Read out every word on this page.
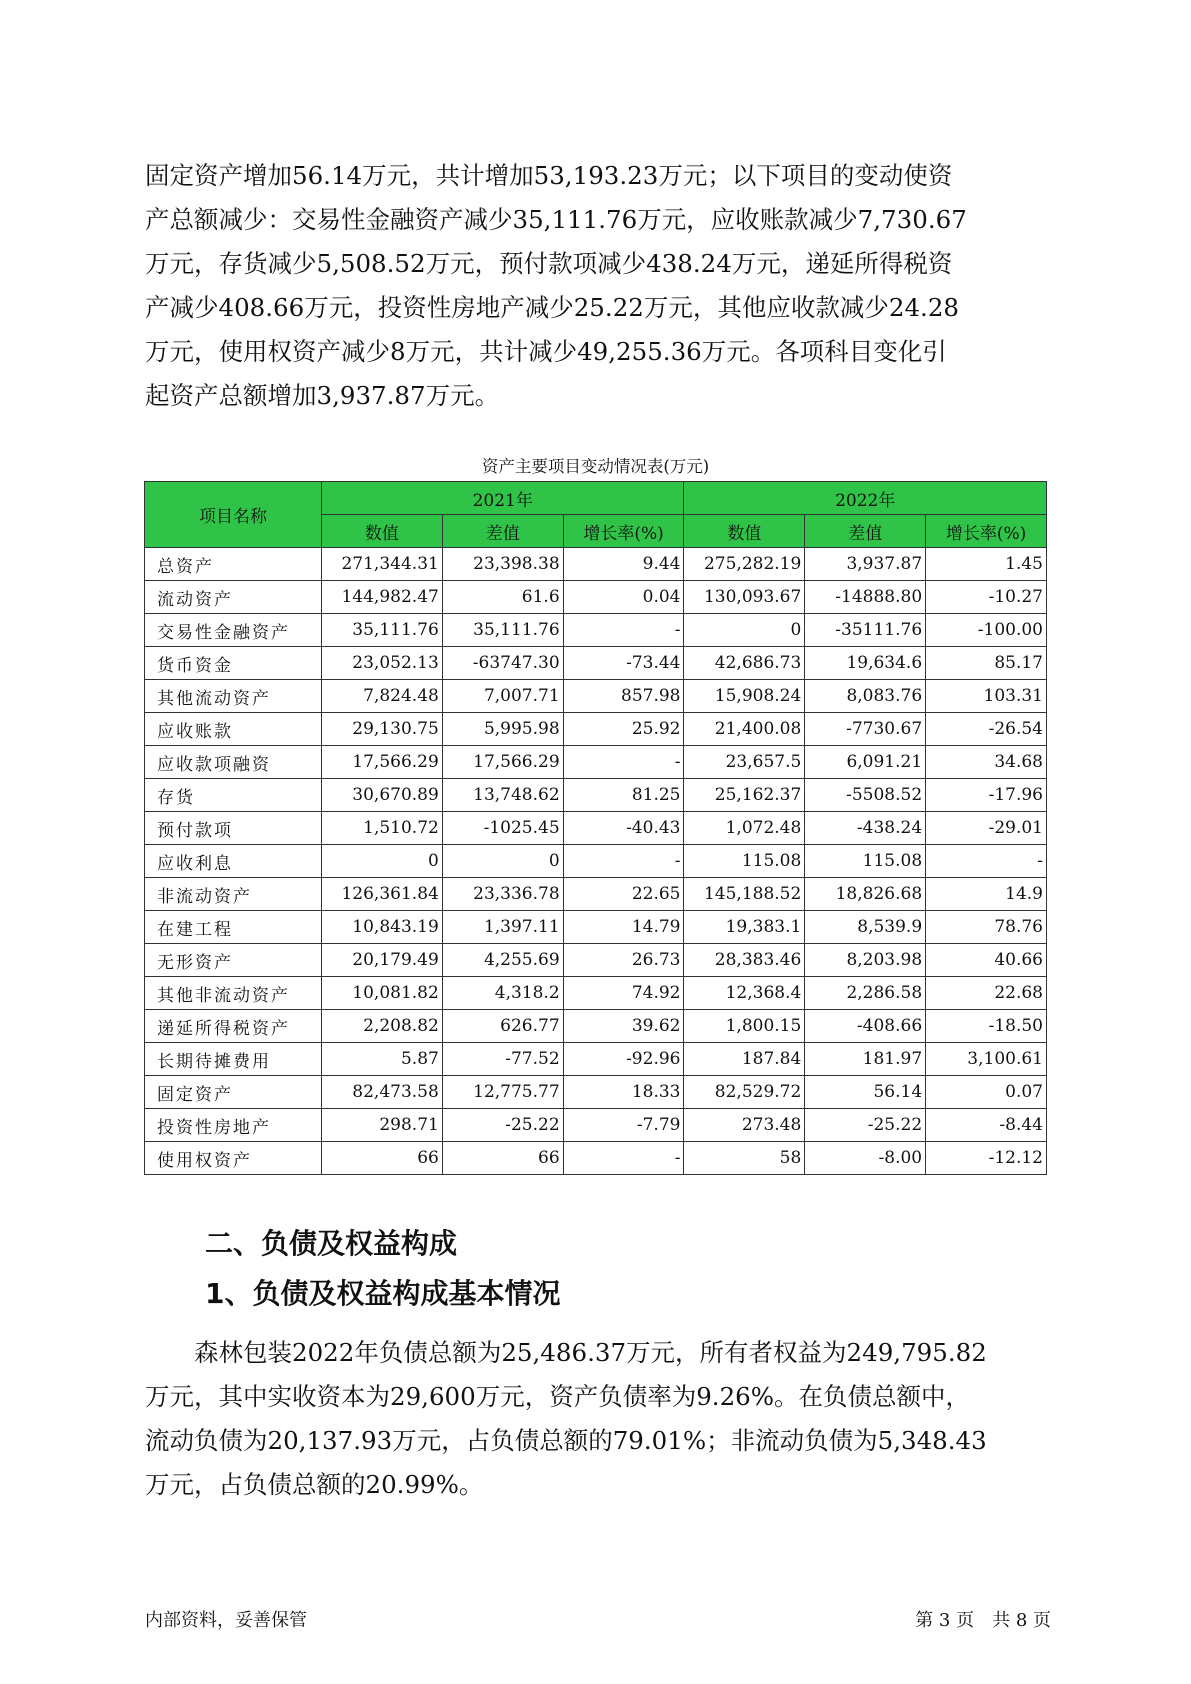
固定资产增加56.14万元，共计增加53,193.23万元；以下项目的变动使资
产总额减少：交易性金融资产减少35,111.76万元，应收账款减少7,730.67
万元，存货减少5,508.52万元，预付款项减少438.24万元，递延所得税资
产减少408.66万元，投资性房地产减少25.22万元，其他应收款减少24.28
万元，使用权资产减少8万元，共计减少49,255.36万元。各项科目变化引
起资产总额增加3,937.87万元。
资产主要项目变动情况表(万元)
项目名称	2021年			2022年		
	数值	差值	增长率(%)	数值	差值	增长率(%)
总资产	271,344.31	23,398.38	9.44	275,282.19	3,937.87	1.45
流动资产	144,982.47	61.6	0.04	130,093.67	-14888.80	-10.27
交易性金融资产	35,111.76	35,111.76	-	0	-35111.76	-100.00
货币资金	23,052.13	-63747.30	-73.44	42,686.73	19,634.6	85.17
其他流动资产	7,824.48	7,007.71	857.98	15,908.24	8,083.76	103.31
应收账款	29,130.75	5,995.98	25.92	21,400.08	-7730.67	-26.54
应收款项融资	17,566.29	17,566.29	-	23,657.5	6,091.21	34.68
存货	30,670.89	13,748.62	81.25	25,162.37	-5508.52	-17.96
预付款项	1,510.72	-1025.45	-40.43	1,072.48	-438.24	-29.01
应收利息	0	0	-	115.08	115.08	-
非流动资产	126,361.84	23,336.78	22.65	145,188.52	18,826.68	14.9
在建工程	10,843.19	1,397.11	14.79	19,383.1	8,539.9	78.76
无形资产	20,179.49	4,255.69	26.73	28,383.46	8,203.98	40.66
其他非流动资产	10,081.82	4,318.2	74.92	12,368.4	2,286.58	22.68
递延所得税资产	2,208.82	626.77	39.62	1,800.15	-408.66	-18.50
长期待摊费用	5.87	-77.52	-92.96	187.84	181.97	3,100.61
固定资产	82,473.58	12,775.77	18.33	82,529.72	56.14	0.07
投资性房地产	298.71	-25.22	-7.79	273.48	-25.22	-8.44
使用权资产	66	66	-	58	-8.00	-12.12
二、负债及权益构成
1、负债及权益构成基本情况
　　森林包装2022年负债总额为25,486.37万元，所有者权益为249,795.82
万元，其中实收资本为29,600万元，资产负债率为9.26%。在负债总额中，
流动负债为20,137.93万元，占负债总额的79.01%；非流动负债为5,348.43
万元，占负债总额的20.99%。
内部资料，妥善保管	第 3 页　共 8 页
